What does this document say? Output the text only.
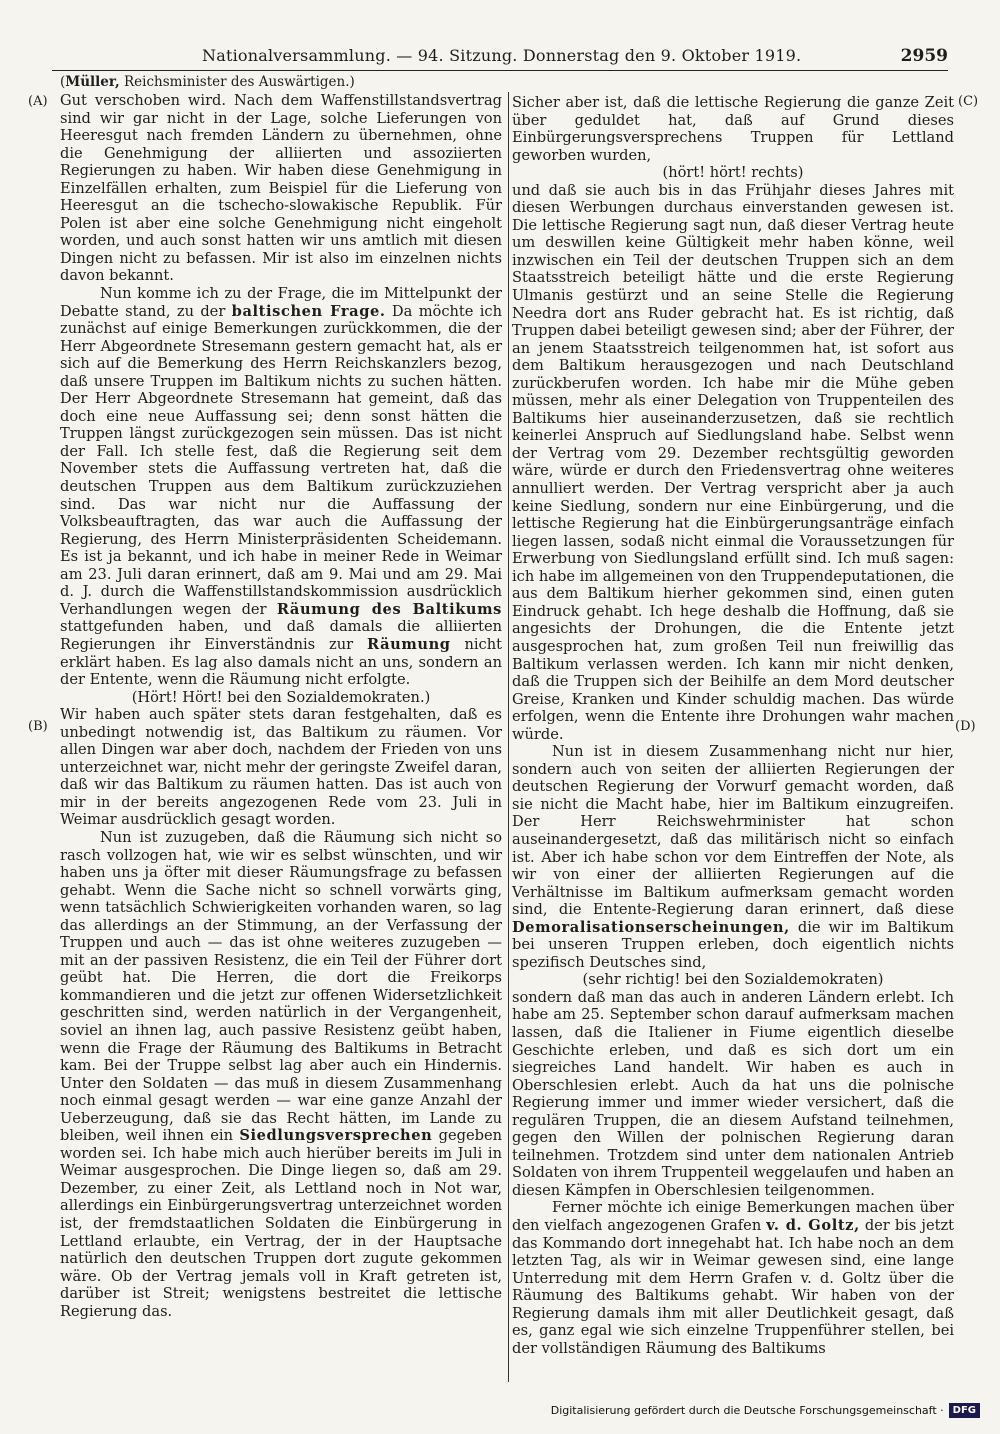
Nationalversammlung. — 94. Sitzung. Donnerstag den 9. Oktober 1919.	2959
(Müller, Reichsminister des Auswärtigen.)
(A)
(B)
(C)
(D)

Gut verschoben wird. Nach dem Waffenstillstandsvertrag sind wir gar nicht in der Lage, solche Lieferungen von Heeresgut nach fremden Ländern zu übernehmen, ohne die Genehmigung der alliierten und assoziierten Regierungen zu haben. Wir haben diese Genehmigung in Einzelfällen erhalten, zum Beispiel für die Lieferung von Heeresgut an die tschecho-slowakische Republik. Für Polen ist aber eine solche Genehmigung nicht eingeholt worden, und auch sonst hatten wir uns amtlich mit diesen Dingen nicht zu befassen. Mir ist also im einzelnen nichts davon bekannt.

Nun komme ich zu der Frage, die im Mittelpunkt der Debatte stand, zu der baltischen Frage. Da möchte ich zunächst auf einige Bemerkungen zurückkommen, die der Herr Abgeordnete Stresemann gestern gemacht hat, als er sich auf die Bemerkung des Herrn Reichskanzlers bezog, daß unsere Truppen im Baltikum nichts zu suchen hätten. Der Herr Abgeordnete Stresemann hat gemeint, daß das doch eine neue Auffassung sei; denn sonst hätten die Truppen längst zurückgezogen sein müssen. Das ist nicht der Fall. Ich stelle fest, daß die Regierung seit dem November stets die Auffassung vertreten hat, daß die deutschen Truppen aus dem Baltikum zurückzuziehen sind. Das war nicht nur die Auffassung der Volksbeauftragten, das war auch die Auffassung der Regierung, des Herrn Ministerpräsidenten Scheidemann. Es ist ja bekannt, und ich habe in meiner Rede in Weimar am 23. Juli daran erinnert, daß am 9. Mai und am 29. Mai d. J. durch die Waffenstillstandskommission ausdrücklich Verhandlungen wegen der Räumung des Baltikums stattgefunden haben, und daß damals die alliierten Regierungen ihr Einverständnis zur Räumung nicht erklärt haben. Es lag also damals nicht an uns, sondern an der Entente, wenn die Räumung nicht erfolgte.

(Hört! Hört! bei den Sozialdemokraten.)

Wir haben auch später stets daran festgehalten, daß es unbedingt notwendig ist, das Baltikum zu räumen. Vor allen Dingen war aber doch, nachdem der Frieden von uns unterzeichnet war, nicht mehr der geringste Zweifel daran, daß wir das Baltikum zu räumen hatten. Das ist auch von mir in der bereits angezogenen Rede vom 23. Juli in Weimar ausdrücklich gesagt worden.

Nun ist zuzugeben, daß die Räumung sich nicht so rasch vollzogen hat, wie wir es selbst wünschten, und wir haben uns ja öfter mit dieser Räumungsfrage zu befassen gehabt. Wenn die Sache nicht so schnell vorwärts ging, wenn tatsächlich Schwierigkeiten vorhanden waren, so lag das allerdings an der Stimmung, an der Verfassung der Truppen und auch — das ist ohne weiteres zuzugeben — mit an der passiven Resistenz, die ein Teil der Führer dort geübt hat. Die Herren, die dort die Freikorps kommandieren und die jetzt zur offenen Widersetzlichkeit geschritten sind, werden natürlich in der Vergangenheit, soviel an ihnen lag, auch passive Resistenz geübt haben, wenn die Frage der Räumung des Baltikums in Betracht kam. Bei der Truppe selbst lag aber auch ein Hindernis. Unter den Soldaten — das muß in diesem Zusammenhang noch einmal gesagt werden — war eine ganze Anzahl der Ueberzeugung, daß sie das Recht hätten, im Lande zu bleiben, weil ihnen ein Siedlungsversprechen gegeben worden sei. Ich habe mich auch hierüber bereits im Juli in Weimar ausgesprochen. Die Dinge liegen so, daß am 29. Dezember, zu einer Zeit, als Lettland noch in Not war, allerdings ein Einbürgerungsvertrag unterzeichnet worden ist, der fremdstaatlichen Soldaten die Einbürgerung in Lettland erlaubte, ein Vertrag, der in der Hauptsache natürlich den deutschen Truppen dort zugute gekommen wäre. Ob der Vertrag jemals voll in Kraft getreten ist, darüber ist Streit; wenigstens bestreitet die lettische Regierung das.

Sicher aber ist, daß die lettische Regierung die ganze Zeit über geduldet hat, daß auf Grund dieses Einbürgerungsversprechens Truppen für Lettland geworben wurden,

(hört! hört! rechts)

und daß sie auch bis in das Frühjahr dieses Jahres mit diesen Werbungen durchaus einverstanden gewesen ist. Die lettische Regierung sagt nun, daß dieser Vertrag heute um deswillen keine Gültigkeit mehr haben könne, weil inzwischen ein Teil der deutschen Truppen sich an dem Staatsstreich beteiligt hätte und die erste Regierung Ulmanis gestürzt und an seine Stelle die Regierung Needra dort ans Ruder gebracht hat. Es ist richtig, daß Truppen dabei beteiligt gewesen sind; aber der Führer, der an jenem Staatsstreich teilgenommen hat, ist sofort aus dem Baltikum herausgezogen und nach Deutschland zurückberufen worden. Ich habe mir die Mühe geben müssen, mehr als einer Delegation von Truppenteilen des Baltikums hier auseinanderzusetzen, daß sie rechtlich keinerlei Anspruch auf Siedlungsland habe. Selbst wenn der Vertrag vom 29. Dezember rechtsgültig geworden wäre, würde er durch den Friedensvertrag ohne weiteres annulliert werden. Der Vertrag verspricht aber ja auch keine Siedlung, sondern nur eine Einbürgerung, und die lettische Regierung hat die Einbürgerungsanträge einfach liegen lassen, sodaß nicht einmal die Voraussetzungen für Erwerbung von Siedlungsland erfüllt sind. Ich muß sagen: ich habe im allgemeinen von den Truppendeputationen, die aus dem Baltikum hierher gekommen sind, einen guten Eindruck gehabt. Ich hege deshalb die Hoffnung, daß sie angesichts der Drohungen, die die Entente jetzt ausgesprochen hat, zum großen Teil nun freiwillig das Baltikum verlassen werden. Ich kann mir nicht denken, daß die Truppen sich der Beihilfe an dem Mord deutscher Greise, Kranken und Kinder schuldig machen. Das würde erfolgen, wenn die Entente ihre Drohungen wahr machen würde.

Nun ist in diesem Zusammenhang nicht nur hier, sondern auch von seiten der alliierten Regierungen der deutschen Regierung der Vorwurf gemacht worden, daß sie nicht die Macht habe, hier im Baltikum einzugreifen. Der Herr Reichswehrminister hat schon auseinandergesetzt, daß das militärisch nicht so einfach ist. Aber ich habe schon vor dem Eintreffen der Note, als wir von einer der alliierten Regierungen auf die Verhältnisse im Baltikum aufmerksam gemacht worden sind, die Entente-Regierung daran erinnert, daß diese Demoralisationserscheinungen, die wir im Baltikum bei unseren Truppen erleben, doch eigentlich nichts spezifisch Deutsches sind,

(sehr richtig! bei den Sozialdemokraten)

sondern daß man das auch in anderen Ländern erlebt. Ich habe am 25. September schon darauf aufmerksam machen lassen, daß die Italiener in Fiume eigentlich dieselbe Geschichte erleben, und daß es sich dort um ein siegreiches Land handelt. Wir haben es auch in Oberschlesien erlebt. Auch da hat uns die polnische Regierung immer und immer wieder versichert, daß die regulären Truppen, die an diesem Aufstand teilnehmen, gegen den Willen der polnischen Regierung daran teilnehmen. Trotzdem sind unter dem nationalen Antrieb Soldaten von ihrem Truppenteil weggelaufen und haben an diesen Kämpfen in Oberschlesien teilgenommen.

Ferner möchte ich einige Bemerkungen machen über den vielfach angezogenen Grafen v. d. Goltz, der bis jetzt das Kommando dort innegehabt hat. Ich habe noch an dem letzten Tag, als wir in Weimar gewesen sind, eine lange Unterredung mit dem Herrn Grafen v. d. Goltz über die Räumung des Baltikums gehabt. Wir haben von der Regierung damals ihm mit aller Deutlichkeit gesagt, daß es, ganz egal wie sich einzelne Truppenführer stellen, bei der vollständigen Räumung des Baltikums

Digitalisierung gefördert durch die Deutsche Forschungsgemeinschaft · DFG
